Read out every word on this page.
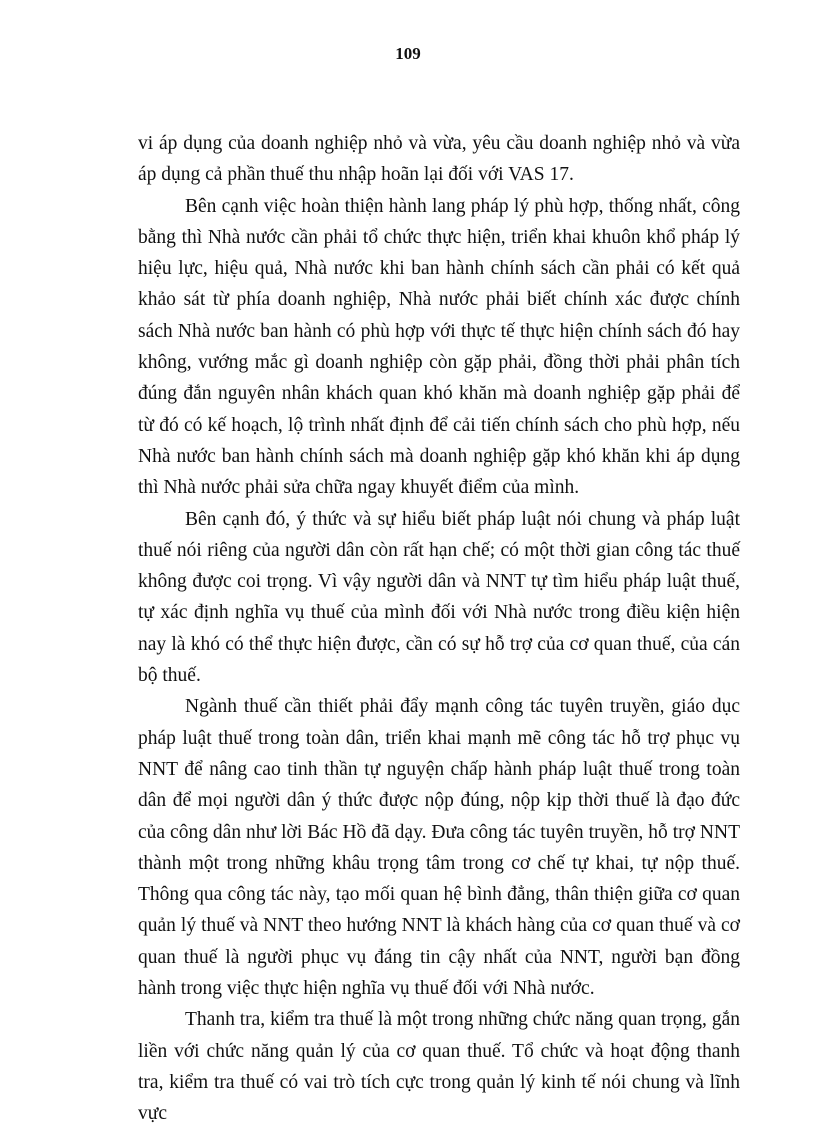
109

vi áp dụng của doanh nghiệp nhỏ và vừa, yêu cầu doanh nghiệp nhỏ và vừa áp dụng cả phần thuế thu nhập hoãn lại đối với VAS 17.

Bên cạnh việc hoàn thiện hành lang pháp lý phù hợp, thống nhất, công bằng thì Nhà nước cần phải tổ chức thực hiện, triển khai khuôn khổ pháp lý hiệu lực, hiệu quả, Nhà nước khi ban hành chính sách cần phải có kết quả khảo sát từ phía doanh nghiệp, Nhà nước phải biết chính xác được chính sách Nhà nước ban hành có phù hợp với thực tế thực hiện chính sách đó hay không, vướng mắc gì doanh nghiệp còn gặp phải, đồng thời phải phân tích đúng đắn nguyên nhân khách quan khó khăn mà doanh nghiệp gặp phải để từ đó có kế hoạch, lộ trình nhất định để cải tiến chính sách cho phù hợp, nếu Nhà nước ban hành chính sách mà doanh nghiệp gặp khó khăn khi áp dụng thì Nhà nước phải sửa chữa ngay khuyết điểm của mình.

Bên cạnh đó, ý thức và sự hiểu biết pháp luật nói chung và pháp luật thuế nói riêng của người dân còn rất hạn chế; có một thời gian công tác thuế không được coi trọng. Vì vậy người dân và NNT tự tìm hiểu pháp luật thuế, tự xác định nghĩa vụ thuế của mình đối với Nhà nước trong điều kiện hiện nay là khó có thể thực hiện được, cần có sự hỗ trợ của cơ quan thuế, của cán bộ thuế.

Ngành thuế cần thiết phải đẩy mạnh công tác tuyên truyền, giáo dục pháp luật thuế trong toàn dân, triển khai mạnh mẽ công tác hỗ trợ phục vụ NNT để nâng cao tinh thần tự nguyện chấp hành pháp luật thuế trong toàn dân để mọi người dân ý thức được nộp đúng, nộp kịp thời thuế là đạo đức của công dân như lời Bác Hồ đã dạy. Đưa công tác tuyên truyền, hỗ trợ NNT thành một trong những khâu trọng tâm trong cơ chế tự khai, tự nộp thuế. Thông qua công tác này, tạo mối quan hệ bình đẳng, thân thiện giữa cơ quan quản lý thuế và NNT theo hướng NNT là khách hàng của cơ quan thuế và cơ quan thuế là người phục vụ đáng tin cậy nhất của NNT, người bạn đồng hành trong việc thực hiện nghĩa vụ thuế đối với Nhà nước.

Thanh tra, kiểm tra thuế là một trong những chức năng quan trọng, gắn liền với chức năng quản lý của cơ quan thuế. Tổ chức và hoạt động thanh tra, kiểm tra thuế có vai trò tích cực trong quản lý kinh tế nói chung và lĩnh vực
